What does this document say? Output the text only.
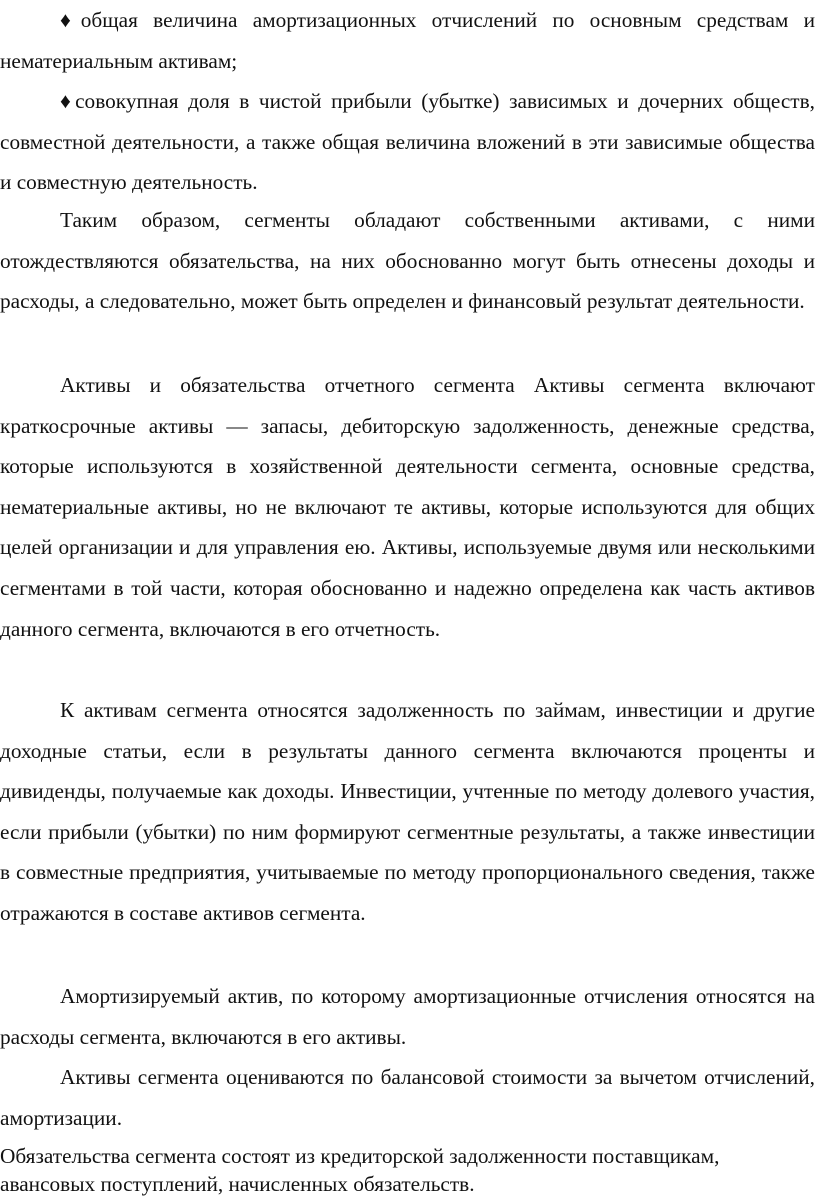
♦общая величина амортизационных отчислений по основным средствам и нематериальным активам;

♦совокупная доля в чистой прибыли (убытке) зависимых и дочерних обществ, совместной деятельности, а также общая величина вложений в эти зависимые общества и совместную деятельность.

Таким образом, сегменты обладают собственными активами, с ними отождествляются обязательства, на них обоснованно могут быть отнесены доходы и расходы, а следовательно, может быть определен и финансовый результат деятельности.

Активы и обязательства отчетного сегмента Активы сегмента включают краткосрочные активы — запасы, дебиторскую задолженность, денежные средства, которые используются в хозяйственной деятельности сегмента, основные средства, нематериальные активы, но не включают те активы, которые используются для общих целей организации и для управления ею. Активы, используемые двумя или несколькими сегментами в той части, которая обоснованно и надежно определена как часть активов данного сегмента, включаются в его отчетность.

К активам сегмента относятся задолженность по займам, инвестиции и другие доходные статьи, если в результаты данного сегмента включаются проценты и дивиденды, получаемые как доходы. Инвестиции, учтенные по методу долевого участия, если прибыли (убытки) по ним формируют сегментные результаты, а также инвестиции в совместные предприятия, учитываемые по методу пропорционального сведения, также отражаются в составе активов сегмента.

Амортизируемый актив, по которому амортизационные отчисления относятся на расходы сегмента, включаются в его активы.

Активы сегмента оцениваются по балансовой стоимости за вычетом отчислений, амортизации.

Обязательства сегмента состоят из кредиторской задолженности поставщикам, авансовых поступлений, начисленных обязательств.
